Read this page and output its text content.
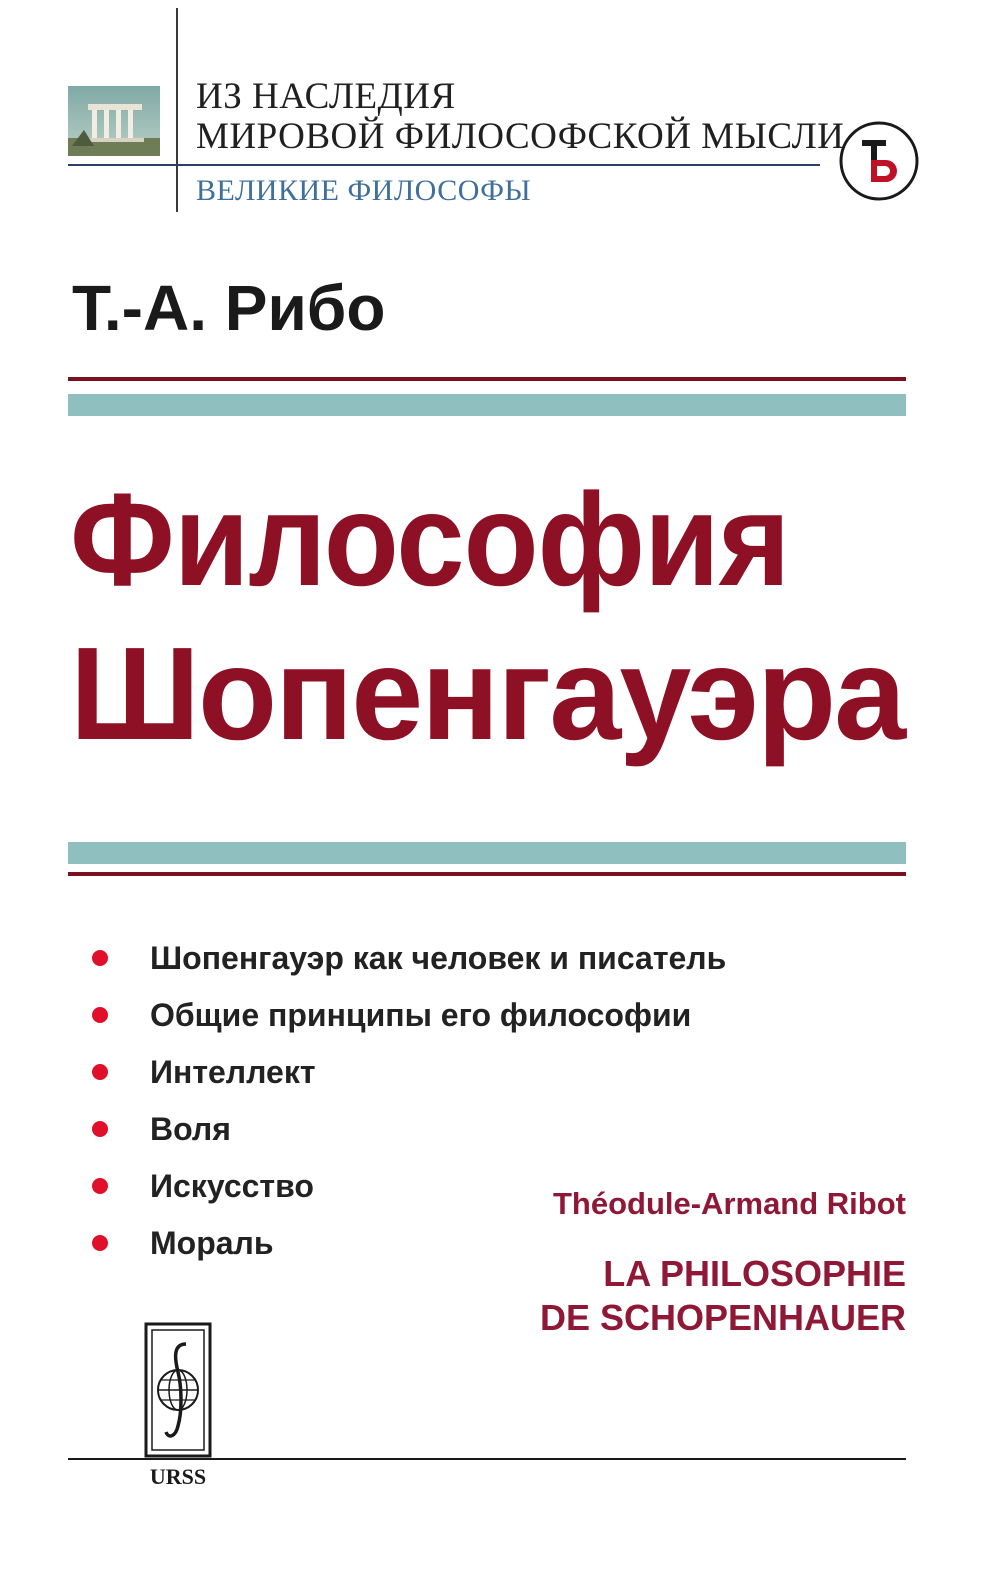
ИЗ НАСЛЕДИЯ
МИРОВОЙ ФИЛОСОФСКОЙ МЫСЛИ
ВЕЛИКИЕ ФИЛОСОФЫ
Т.-А. Рибо
Философия
Шопенгауэра
Шопенгауэр как человек и писатель
Общие принципы его философии
Интеллект
Воля
Искусство
Мораль
Théodule-Armand Ribot
LA PHILOSOPHIE
DE SCHOPENHAUER
URSS
